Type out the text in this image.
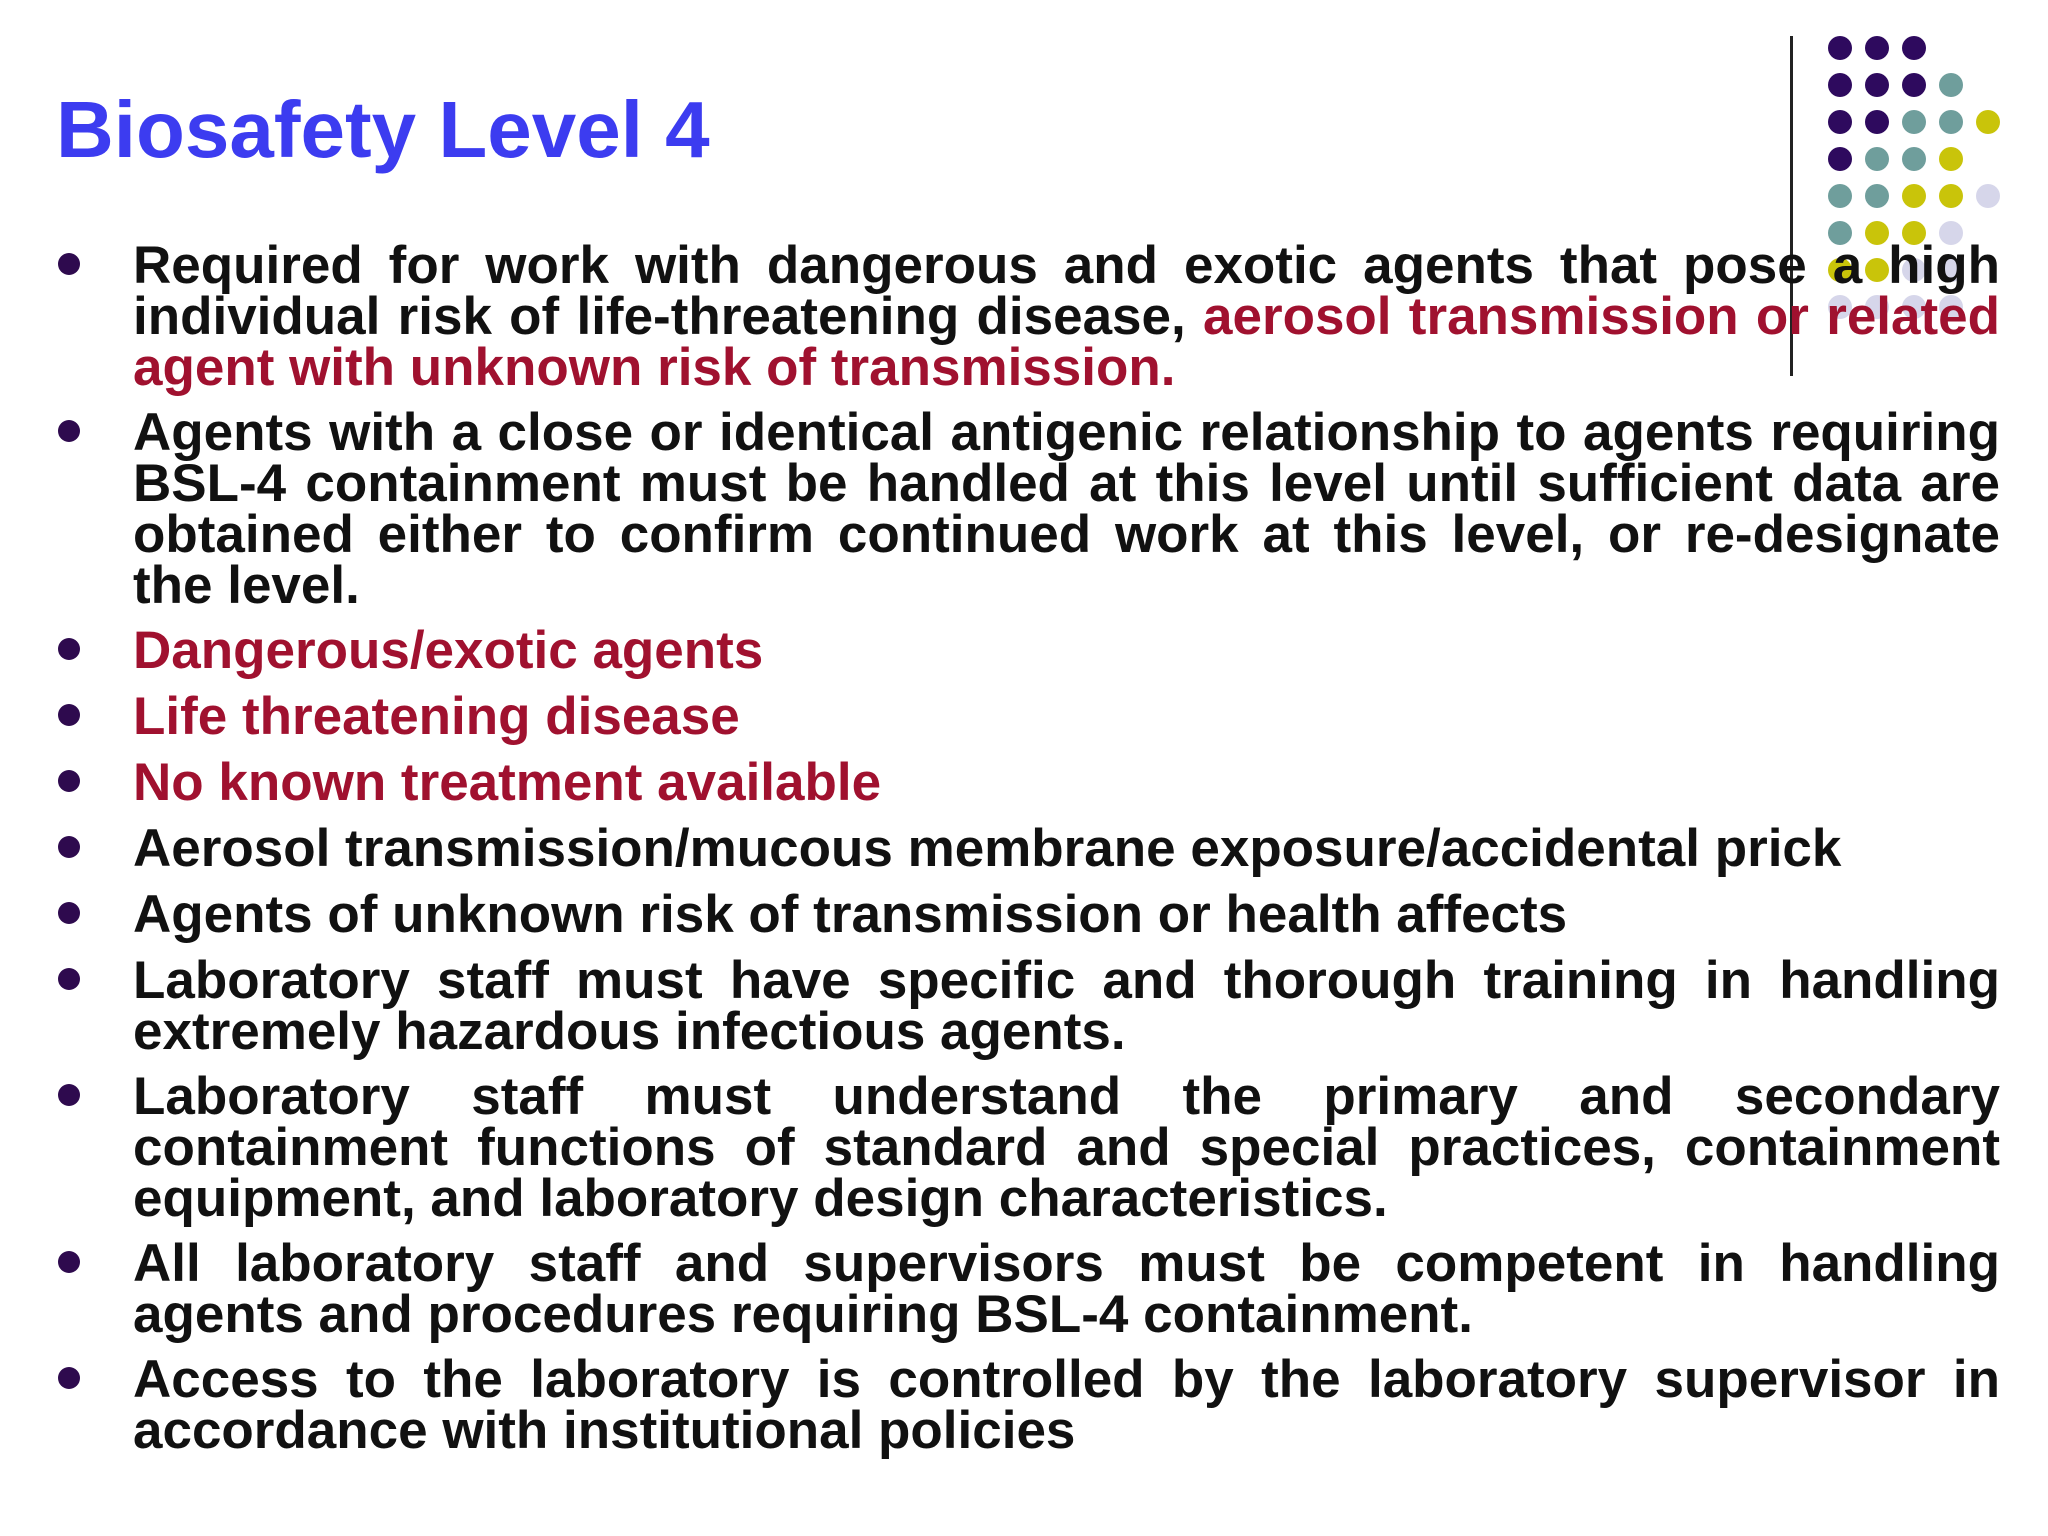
Biosafety Level 4
Required for work with dangerous and exotic agents that pose a high individual risk of life-threatening disease, aerosol transmission or related agent with unknown risk of transmission.
Agents with a close or identical antigenic relationship to agents requiring BSL-4 containment must be handled at this level until sufficient data are obtained either to confirm continued work at this level, or re-designate the level.
Dangerous/exotic agents
Life threatening disease
No known treatment available
Aerosol transmission/mucous membrane exposure/accidental prick
Agents of unknown risk of transmission or health affects
Laboratory staff must have specific and thorough training in handling extremely hazardous infectious agents.
Laboratory staff must understand the primary and secondary containment functions of standard and special practices, containment equipment, and laboratory design characteristics.
All laboratory staff and supervisors must be competent in handling agents and procedures requiring BSL-4 containment.
Access to the laboratory is controlled by the laboratory supervisor in accordance with institutional policies
